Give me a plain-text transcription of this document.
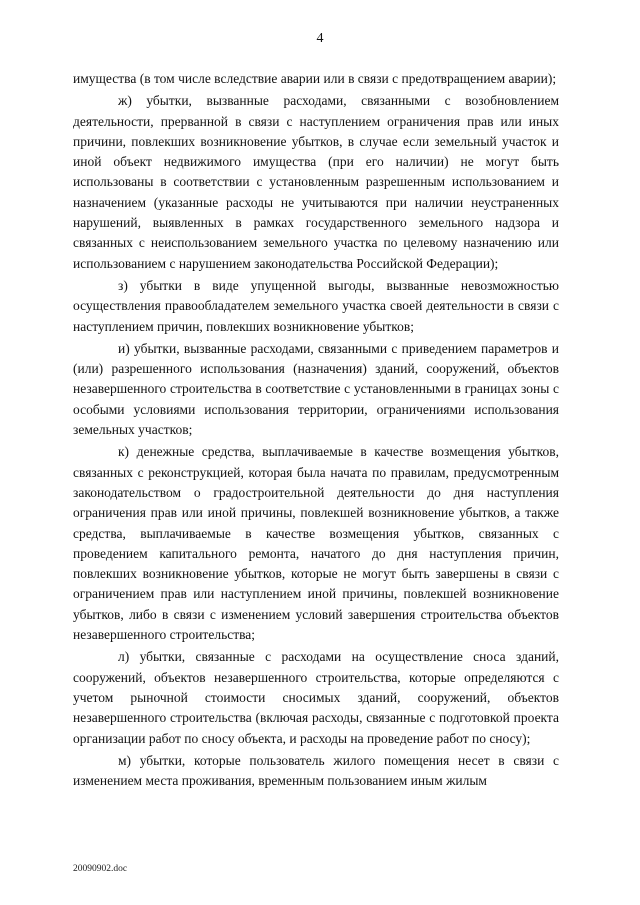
4

имущества (в том числе вследствие аварии или в связи с предотвращением аварии);

ж) убытки, вызванные расходами, связанными с возобновлением деятельности, прерванной в связи с наступлением ограничения прав или иных причини, повлекших возникновение убытков, в случае если земельный участок и иной объект недвижимого имущества (при его наличии) не могут быть использованы в соответствии с установленным разрешенным использованием и назначением (указанные расходы не учитываются при наличии неустраненных нарушений, выявленных в рамках государственного земельного надзора и связанных с неиспользованием земельного участка по целевому назначению или использованием с нарушением законодательства Российской Федерации);

з) убытки в виде упущенной выгоды, вызванные невозможностью осуществления правообладателем земельного участка своей деятельности в связи с наступлением причин, повлекших возникновение убытков;

и) убытки, вызванные расходами, связанными с приведением параметров и (или) разрешенного использования (назначения) зданий, сооружений, объектов незавершенного строительства в соответствие с установленными в границах зоны с особыми условиями использования территории, ограничениями использования земельных участков;

к) денежные средства, выплачиваемые в качестве возмещения убытков, связанных с реконструкцией, которая была начата по правилам, предусмотренным законодательством о градостроительной деятельности до дня наступления ограничения прав или иной причины, повлекшей возникновение убытков, а также средства, выплачиваемые в качестве возмещения убытков, связанных с проведением капитального ремонта, начатого до дня наступления причин, повлекших возникновение убытков, которые не могут быть завершены в связи с ограничением прав или наступлением иной причины, повлекшей возникновение убытков, либо в связи с изменением условий завершения строительства объектов незавершенного строительства;

л) убытки, связанные с расходами на осуществление сноса зданий, сооружений, объектов незавершенного строительства, которые определяются с учетом рыночной стоимости сносимых зданий, сооружений, объектов незавершенного строительства (включая расходы, связанные с подготовкой проекта организации работ по сносу объекта, и расходы на проведение работ по сносу);

м) убытки, которые пользователь жилого помещения несет в связи с изменением места проживания, временным пользованием иным жилым

20090902.doc
